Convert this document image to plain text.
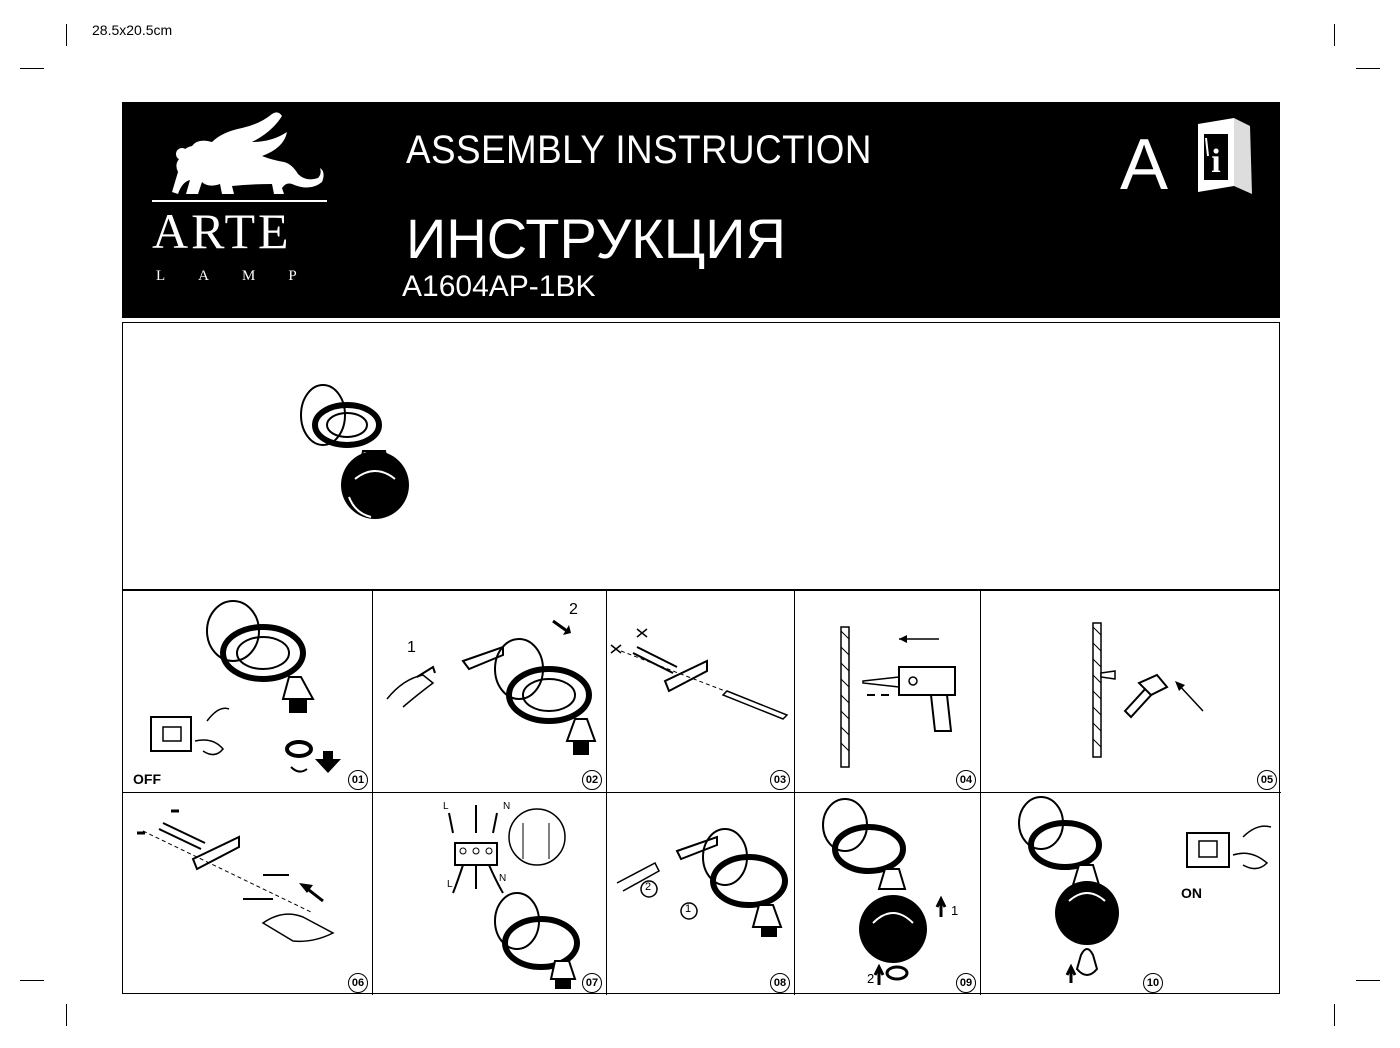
28.5x20.5cm
ARTE
LAMP
ASSEMBLY INSTRUCTION
ИНСТРУКЦИЯ
A1604AP-1BK
A i
OFF	01
1
2
02	03	04	05
06
L	N
L
N
07
2
1
08
1
2	09
ON
10
